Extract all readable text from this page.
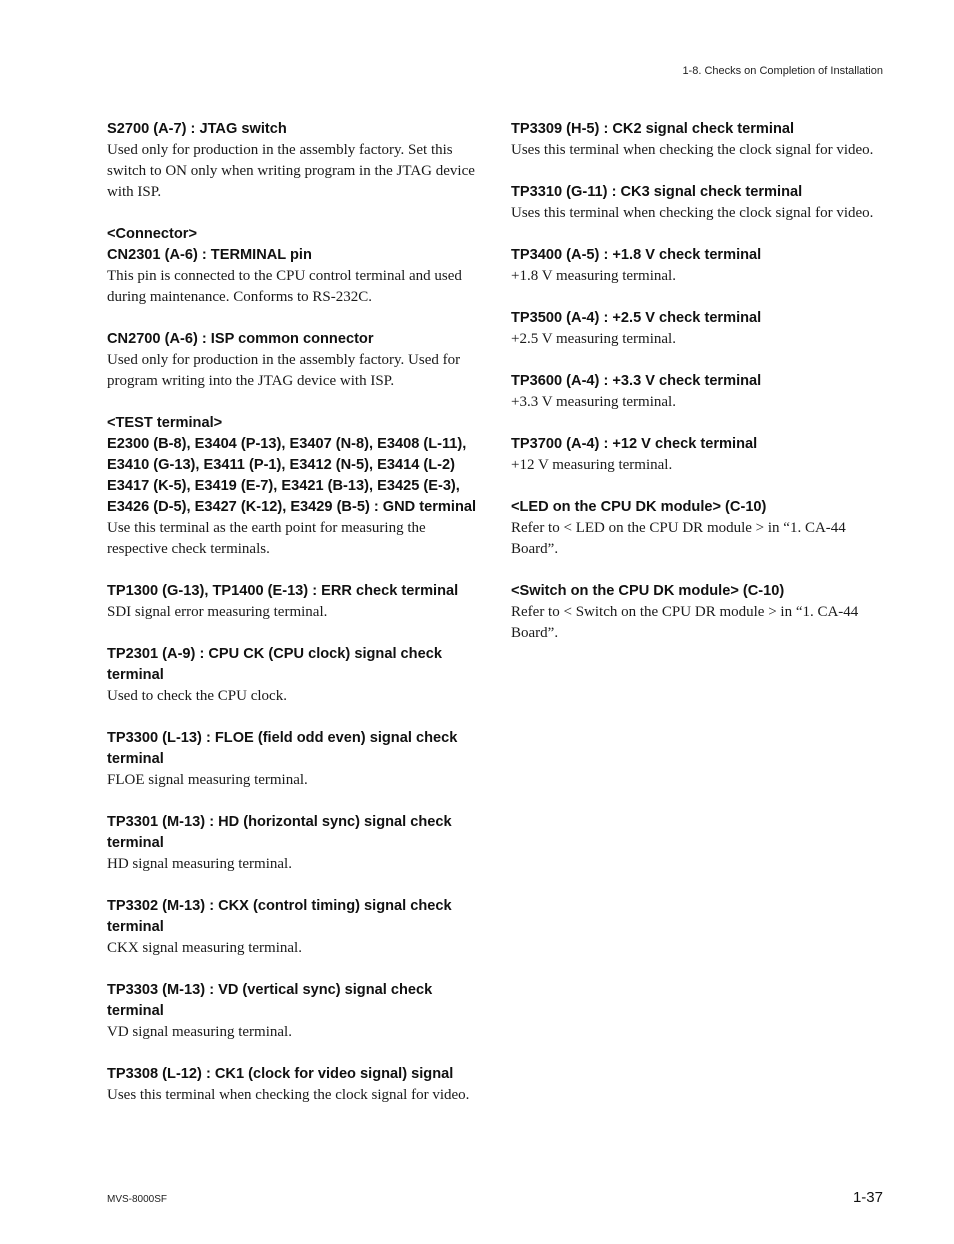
1-8. Checks on Completion of Installation
S2700 (A-7) : JTAG switch

Used only for production in the assembly factory. Set this switch to ON only when writing program in the JTAG device with ISP.

<Connector>
CN2301 (A-6) : TERMINAL pin

This pin is connected to the CPU control terminal and used during maintenance. Conforms to RS-232C.

CN2700 (A-6) : ISP common connector

Used only for production in the assembly factory. Used for program writing into the JTAG device with ISP.

<TEST terminal>
E2300 (B-8), E3404 (P-13), E3407 (N-8), E3408 (L-11), E3410 (G-13), E3411 (P-1), E3412 (N-5), E3414 (L-2) E3417 (K-5), E3419 (E-7), E3421 (B-13), E3425 (E-3), E3426 (D-5), E3427 (K-12), E3429 (B-5) : GND terminal

Use this terminal as the earth point for measuring the respective check terminals.

TP1300 (G-13), TP1400 (E-13) : ERR check terminal

SDI signal error measuring terminal.

TP2301 (A-9) : CPU CK (CPU clock) signal check terminal

Used to check the CPU clock.

TP3300 (L-13) : FLOE (field odd even) signal check terminal

FLOE signal measuring terminal.

TP3301 (M-13) : HD (horizontal sync) signal check terminal

HD signal measuring terminal.

TP3302 (M-13) : CKX (control timing) signal check terminal

CKX signal measuring terminal.

TP3303 (M-13) : VD (vertical sync) signal check terminal

VD signal measuring terminal.

TP3308 (L-12) : CK1 (clock for video signal) signal

Uses this terminal when checking the clock signal for video.

TP3309 (H-5) : CK2 signal check terminal

Uses this terminal when checking the clock signal for video.

TP3310 (G-11) : CK3 signal check terminal

Uses this terminal when checking the clock signal for video.

TP3400 (A-5) : +1.8 V check terminal

+1.8 V measuring terminal.

TP3500 (A-4) : +2.5 V check terminal

+2.5 V measuring terminal.

TP3600 (A-4) : +3.3 V check terminal

+3.3 V measuring terminal.

TP3700 (A-4) : +12 V check terminal

+12 V measuring terminal.

<LED on the CPU DK module> (C-10)

Refer to < LED on the CPU DR module > in “1. CA-44 Board”.

<Switch on the CPU DK module> (C-10)

Refer to < Switch on the CPU DR module > in “1. CA-44 Board”.

MVS-8000SF	1-37
